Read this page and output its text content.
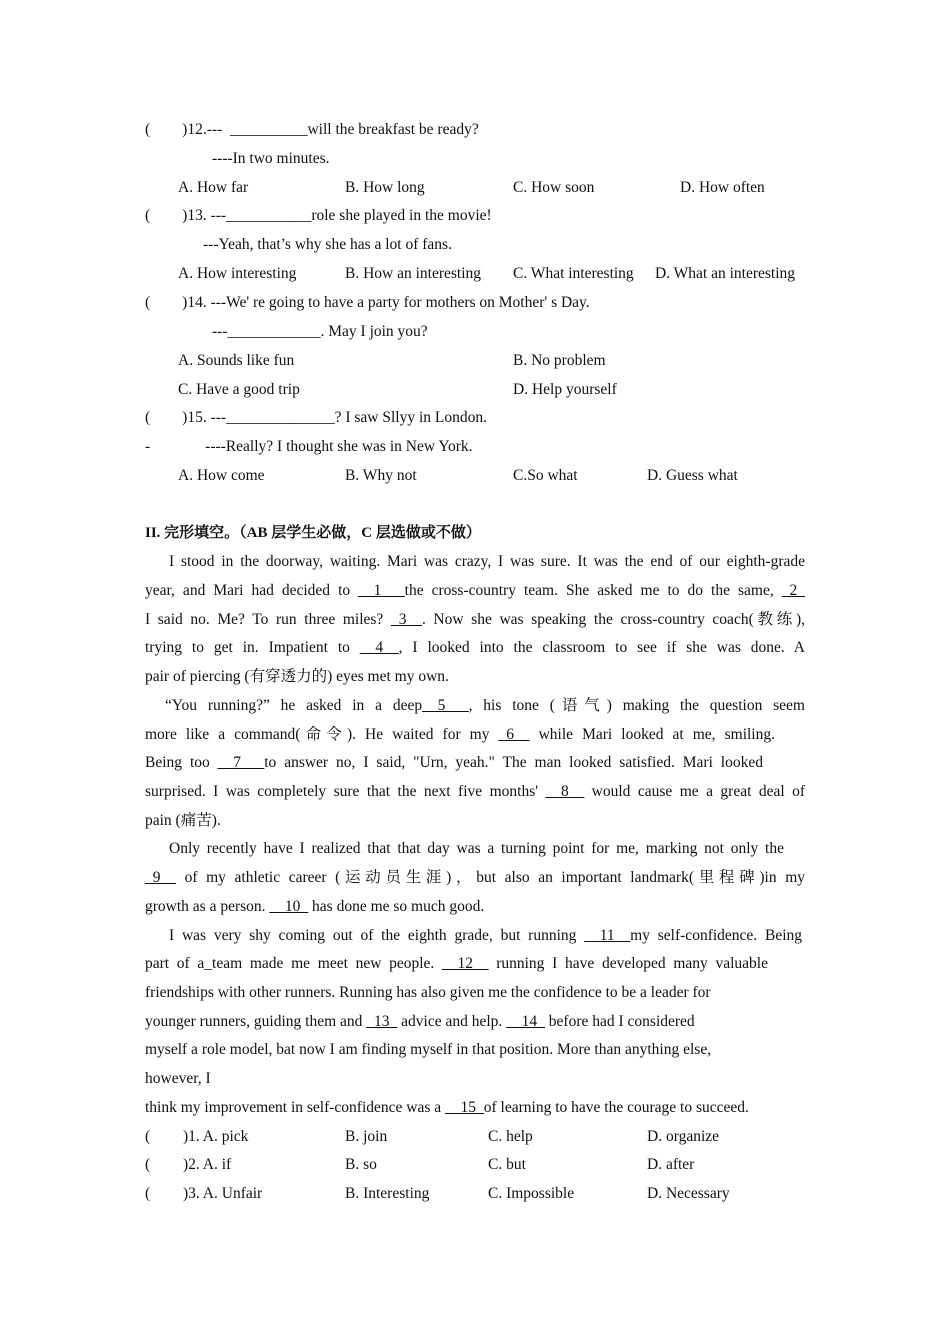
( )12.--- __________will the breakfast be ready?
----In two minutes.
A. How far	B. How long	C. How soon	D. How often
( )13. ---___________role she played in the movie!
---Yeah, that’s why she has a lot of fans.
A. How interesting	B. How an interesting C. What interesting D. What an interesting
( )14. ---We' re going to have a party for mothers on Mother' s Day.
---____________. May I join you?
A. Sounds like fun	B. No problem
C. Have a good trip	D. Help yourself
( )15. ---______________? I saw Sllyy in London.
-	----Really? I thought she was in New York.
A. How come	B. Why not	C.So what	D. Guess what
II. 完形填空。（AB 层学生必做，C 层选做或不做）
I stood in the doorway, waiting. Mari was crazy, I was sure. It was the end of our eighth-grade
year, and Mari had decided to __1___the cross-country team. She asked me to do the same, _2_
I said no. Me? To run three miles? _3__. Now she was speaking the cross-country coach(教练),
trying to get in. Impatient to __4__, I looked into the classroom to see if she was done. A
pair of piercing (有穿透力的) eyes met my own.
“You running?” he asked in a deep__5___, his tone (语气) making the question seem
more like a command(命令). He waited for my _6__ while Mari looked at me, smiling.
Being too __7___to answer no, I said, "Urn, yeah." The man looked satisfied. Mari looked
surprised. I was completely sure that the next five months' __8__ would cause me a great deal of
pain (痛苦).
Only recently have I realized that that day was a turning point for me, marking not only the
_9__ of my athletic career (运动员生涯)，but also an important landmark(里程碑)in my
growth as a person. __10_ has done me so much good.
I was very shy coming out of the eighth grade, but running __11__my self-confidence. Being
part of a_team made me meet new people. __12__ running I have developed many valuable
friendships with other runners. Running has also given me the confidence to be a leader for
younger runners, guiding them and _13_ advice and help. __14_ before had I considered
myself a role model, bat now I am finding myself in that position. More than anything else,
however, I
think my improvement in self-confidence was a __15_of learning to have the courage to succeed.
( )1. A. pick	B. join	C. help	D. organize
( )2. A. if	B. so	C. but	D. after
( )3. A. Unfair	B. Interesting	C. Impossible	D. Necessary
